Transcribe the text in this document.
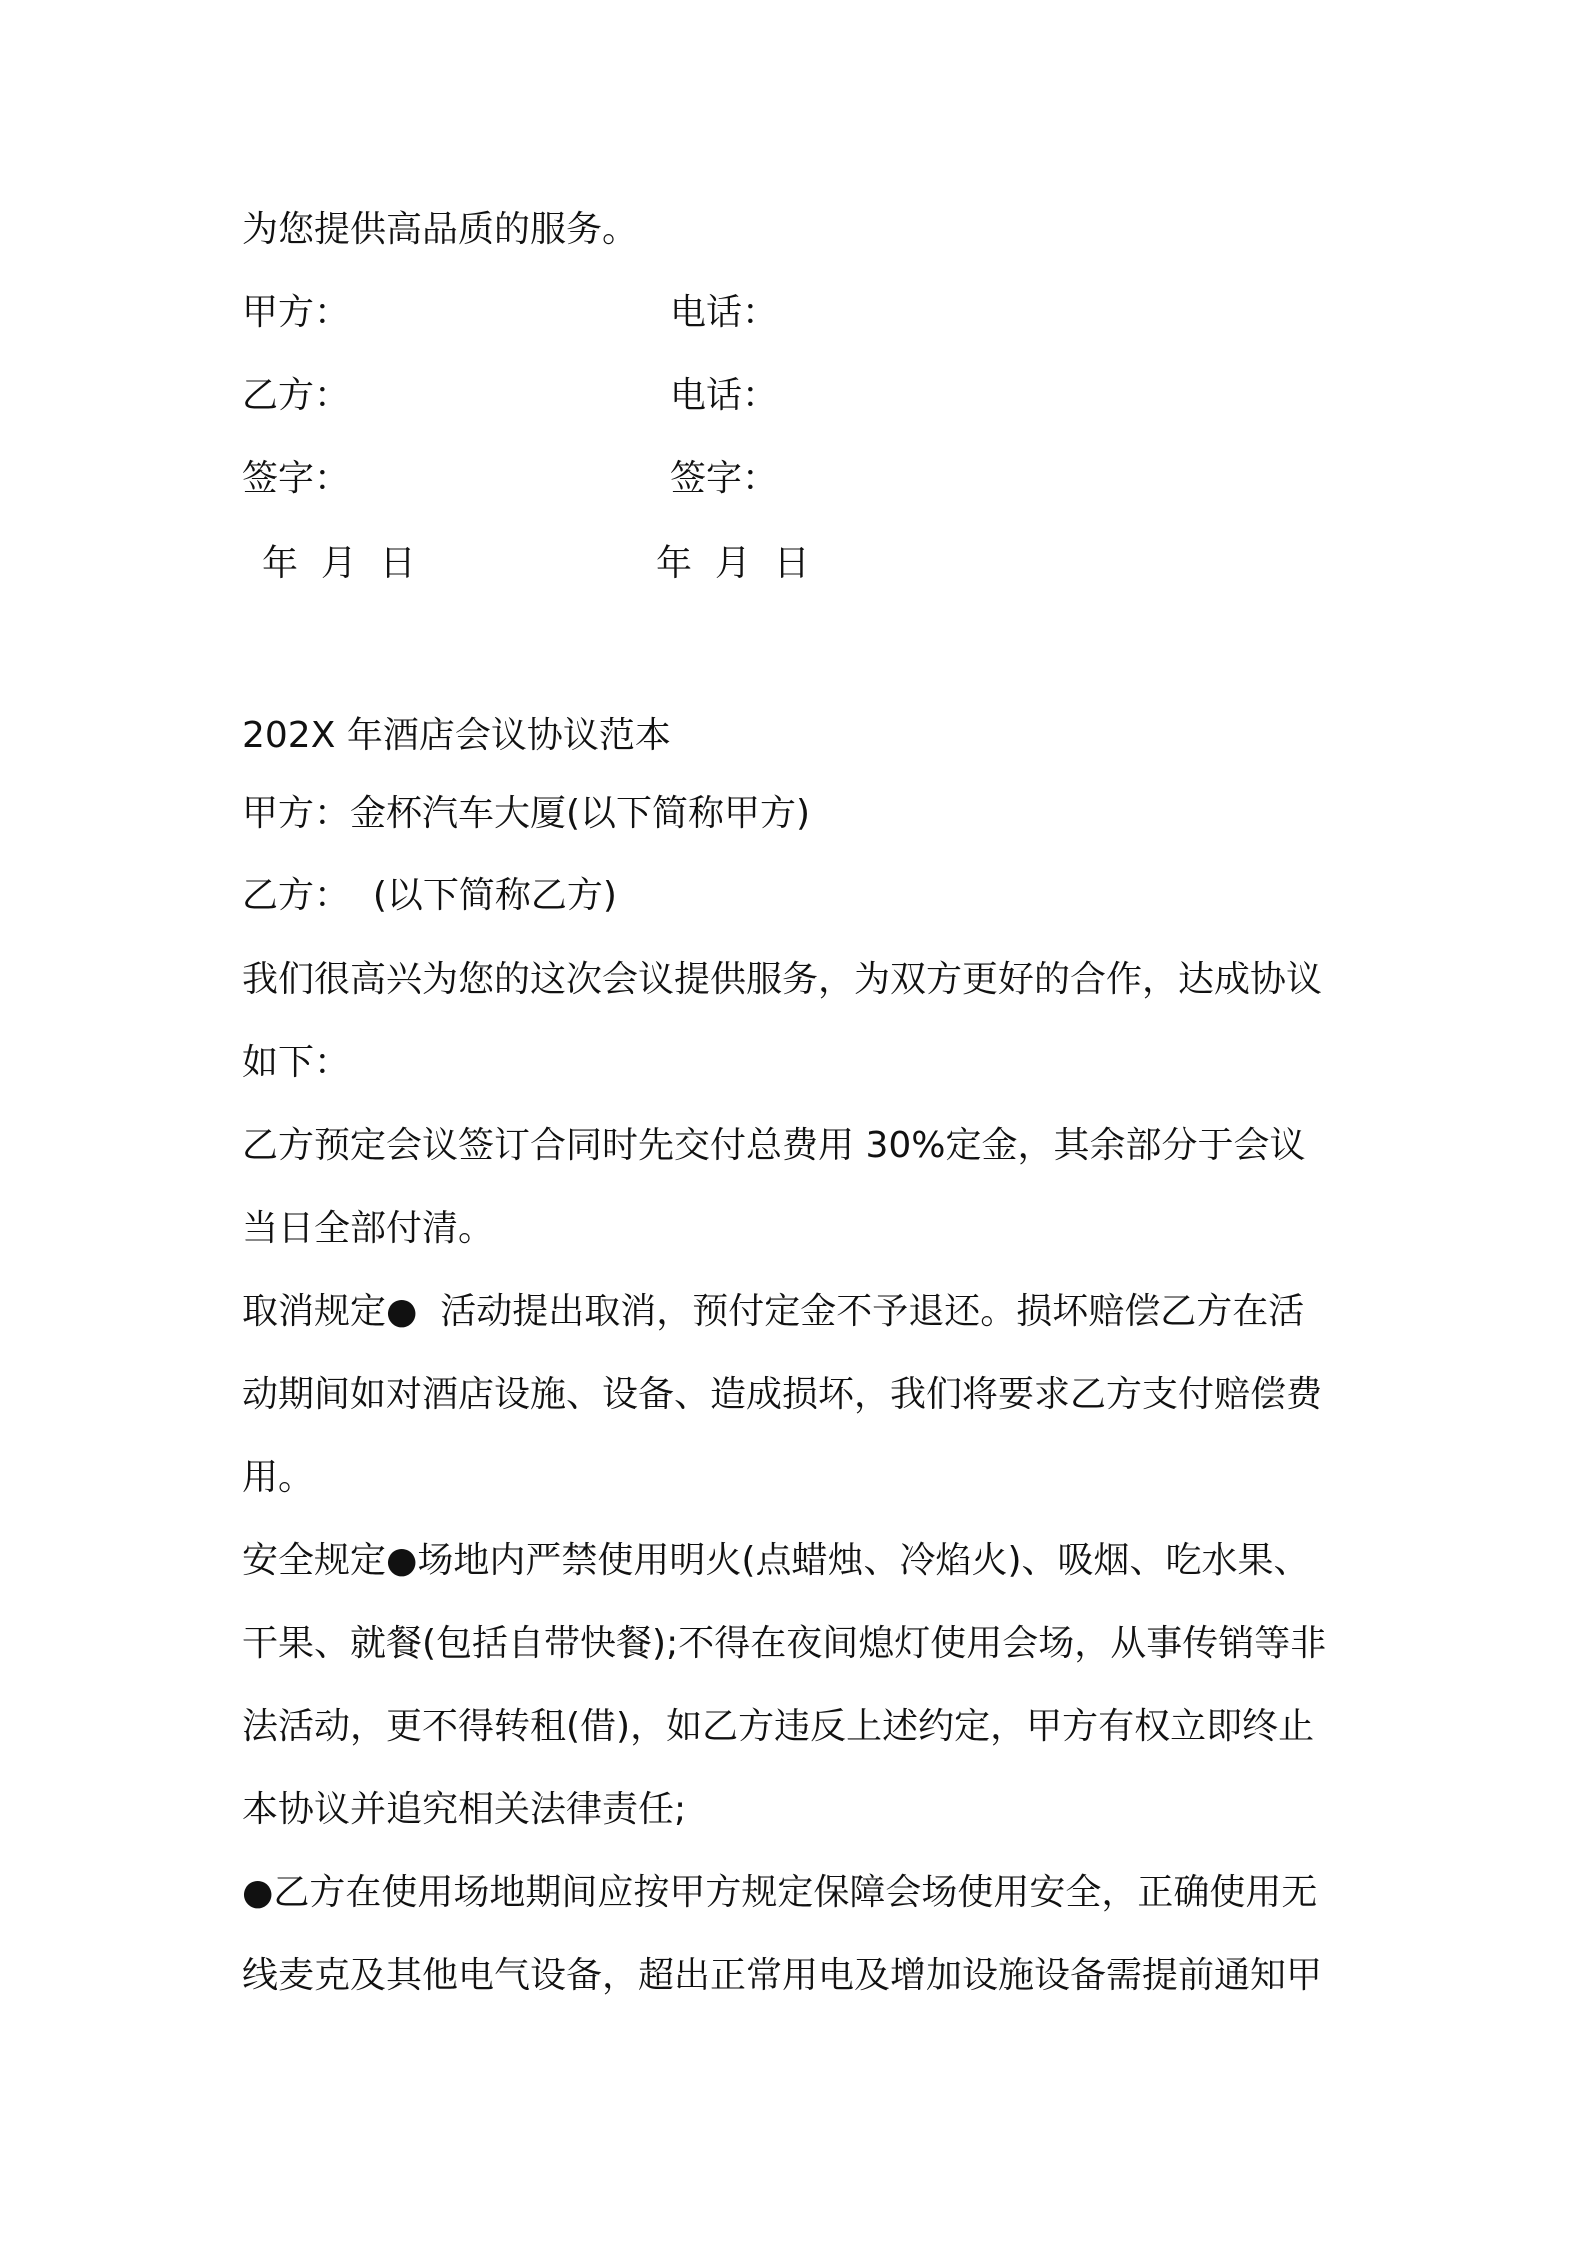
为您提供高品质的服务。
甲方：	电话：
乙方：	电话：
签字：	签字：
年  月  日	年  月  日
202X 年酒店会议协议范本
甲方：金杯汽车大厦(以下简称甲方)
乙方：  (以下简称乙方)
我们很高兴为您的这次会议提供服务，为双方更好的合作，达成协议
如下：
乙方预定会议签订合同时先交付总费用 30%定金，其余部分于会议
当日全部付清。
取消规定●  活动提出取消，预付定金不予退还。损坏赔偿乙方在活
动期间如对酒店设施、设备、造成损坏，我们将要求乙方支付赔偿费
用。
安全规定●场地内严禁使用明火(点蜡烛、冷焰火)、吸烟、吃水果、
干果、就餐(包括自带快餐);不得在夜间熄灯使用会场，从事传销等非
法活动，更不得转租(借)，如乙方违反上述约定，甲方有权立即终止
本协议并追究相关法律责任;
●乙方在使用场地期间应按甲方规定保障会场使用安全，正确使用无
线麦克及其他电气设备，超出正常用电及增加设施设备需提前通知甲
